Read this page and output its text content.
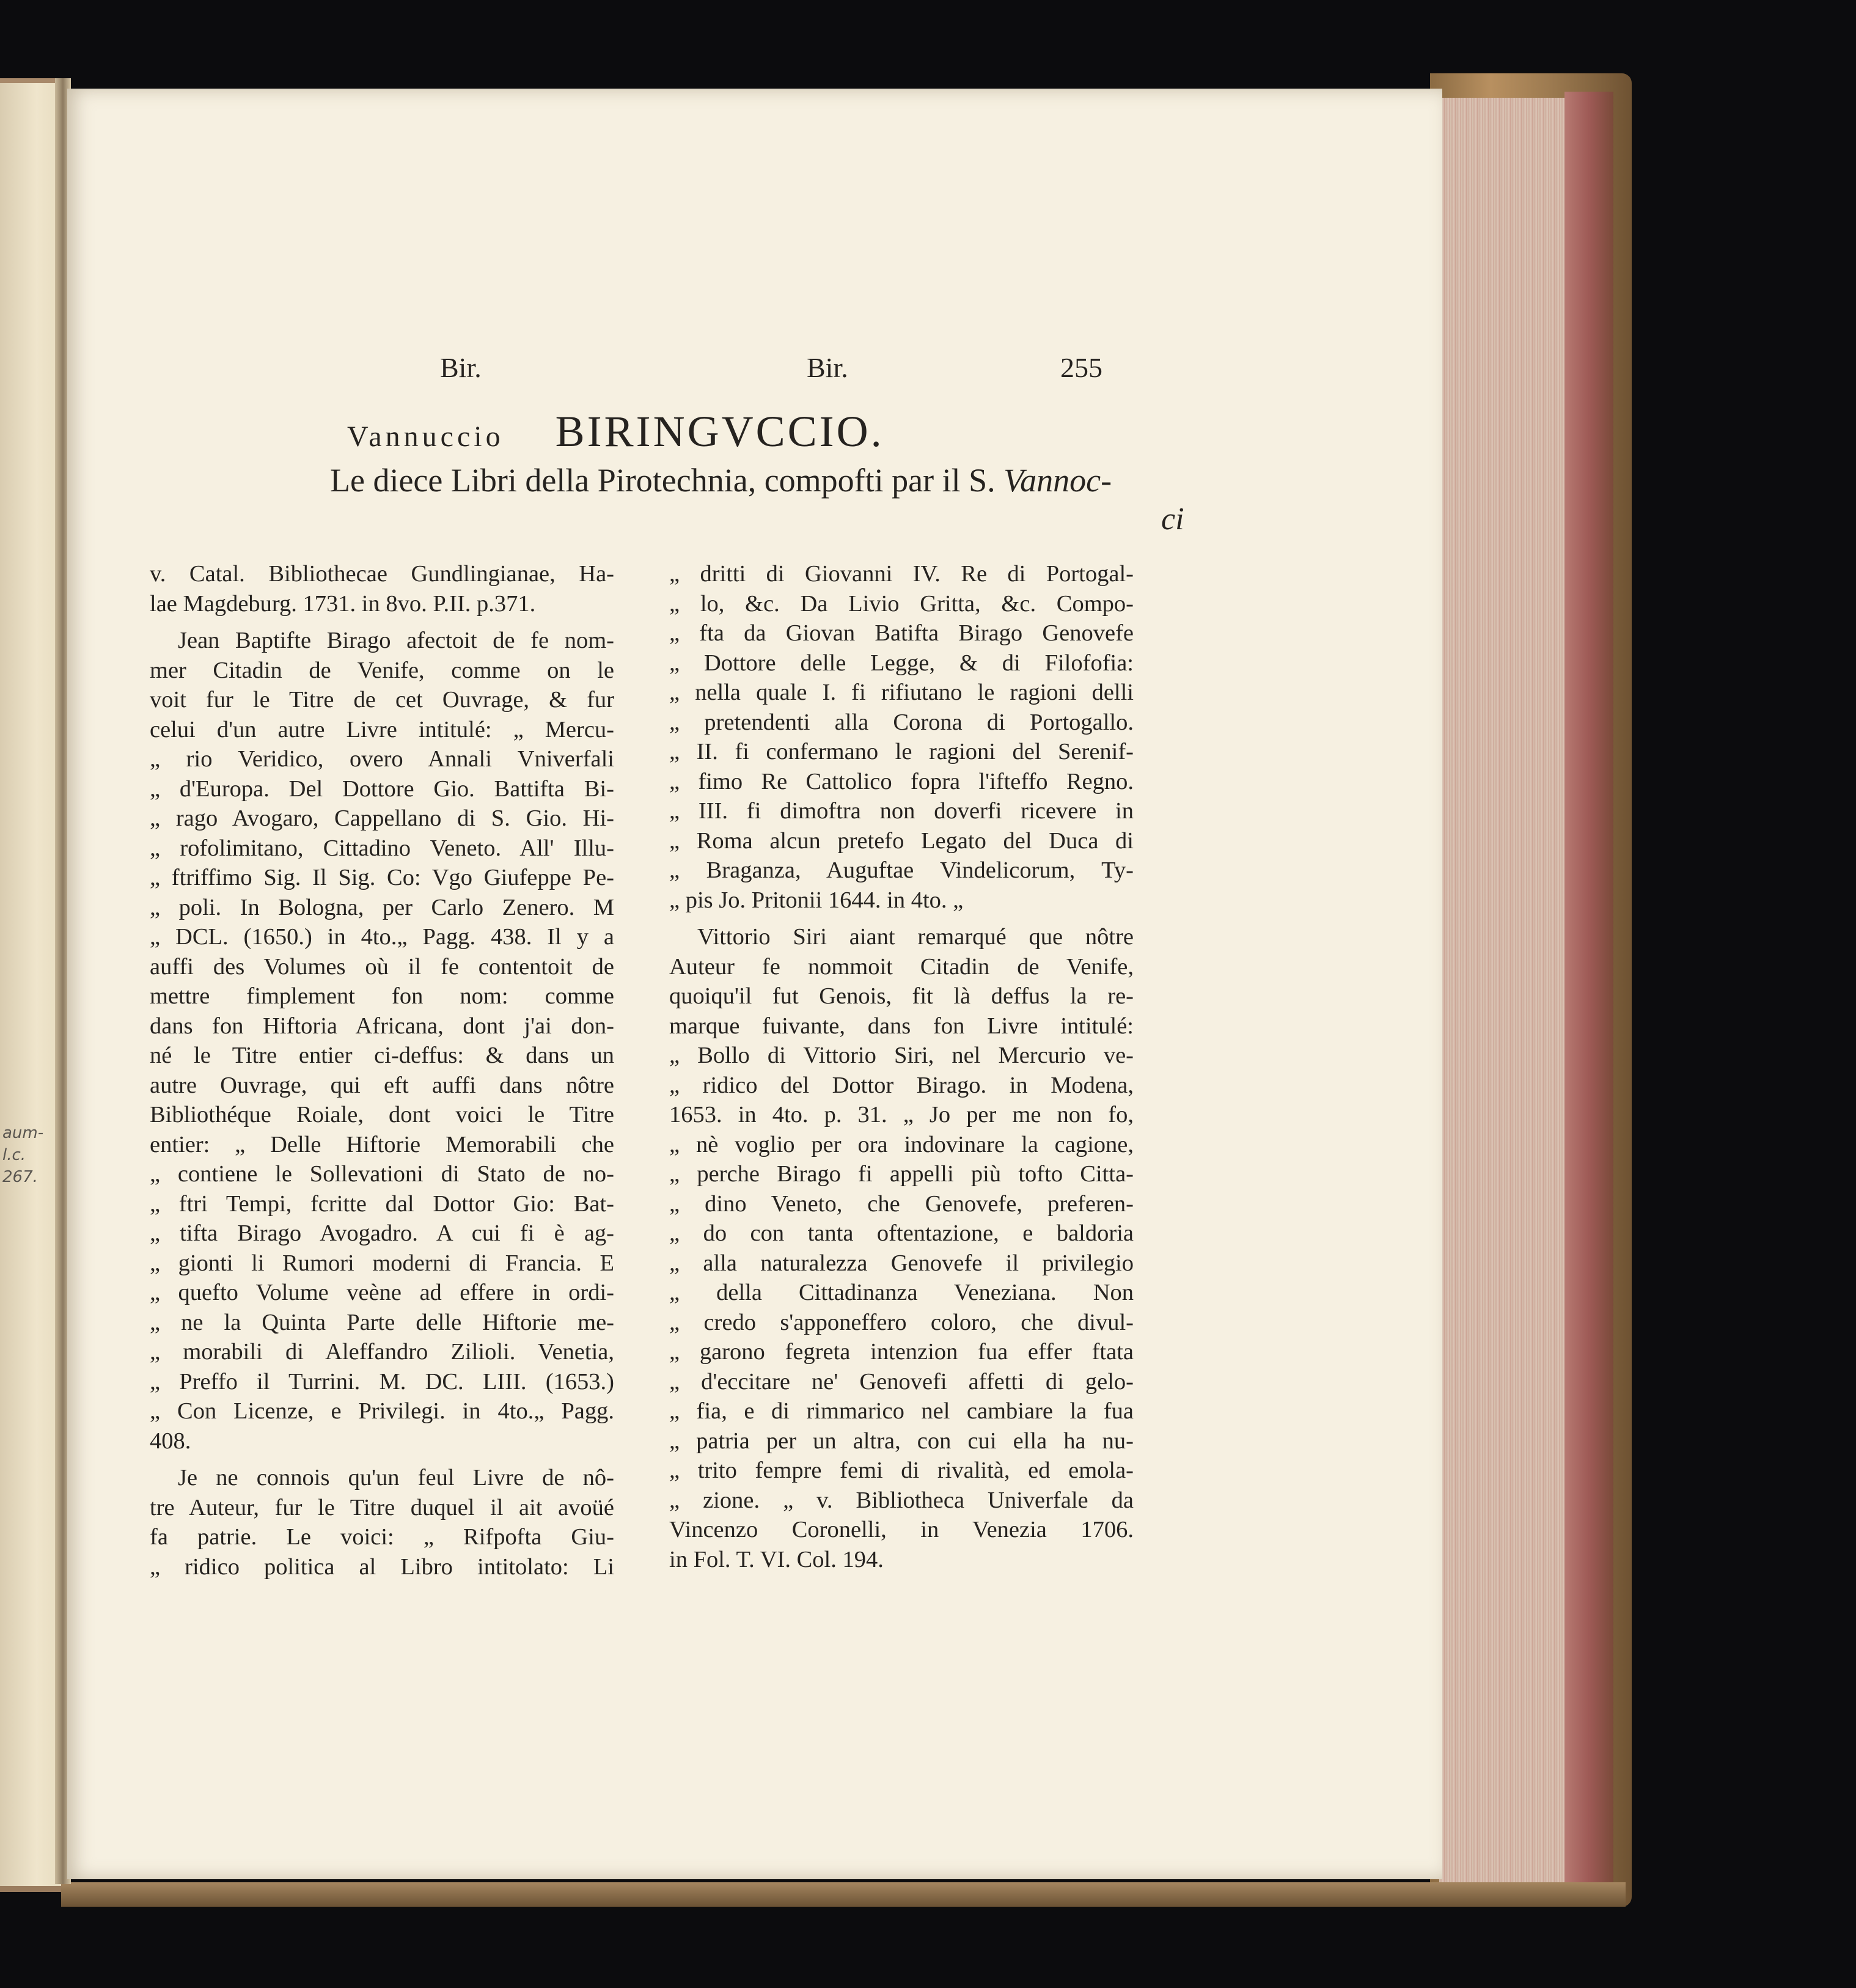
aum-
l.c.
267.
Bir.	Bir.	255
Vannuccio BIRINGVCCIO.
Le diece Libri della Pirotechnia, compofti par il S. Vannoc-
ci

v. Catal. Bibliothecae Gundlingianae, Ha-

lae Magdeburg. 1731. in 8vo. P.II. p.371.

Jean Baptifte Birago afectoit de fe nom-

mer Citadin de Venife, comme on le

voit fur le Titre de cet Ouvrage, & fur

celui d'un autre Livre intitulé: „ Mercu-

„ rio Veridico, overo Annali Vniverfali

„ d'Europa. Del Dottore Gio. Battifta Bi-

„ rago Avogaro, Cappellano di S. Gio. Hi-

„ rofolimitano, Cittadino Veneto. All' Illu-

„ ftriffimo Sig. Il Sig. Co: Vgo Giufeppe Pe-

„ poli. In Bologna, per Carlo Zenero. M

„ DCL. (1650.) in 4to.„ Pagg. 438. Il y a

auffi des Volumes où il fe contentoit de

mettre fimplement fon nom: comme

dans fon Hiftoria Africana, dont j'ai don-

né le Titre entier ci-deffus: & dans un

autre Ouvrage, qui eft auffi dans nôtre

Bibliothéque Roiale, dont voici le Titre

entier: „ Delle Hiftorie Memorabili che

„ contiene le Sollevationi di Stato de no-

„ ftri Tempi, fcritte dal Dottor Gio: Bat-

„ tifta Birago Avogadro. A cui fi è ag-

„ gionti li Rumori moderni di Francia. E

„ quefto Volume veène ad effere in ordi-

„ ne la Quinta Parte delle Hiftorie me-

„ morabili di Aleffandro Zilioli. Venetia,

„ Preffo il Turrini. M. DC. LIII. (1653.)

„ Con Licenze, e Privilegi. in 4to.„ Pagg.

408.

Je ne connois qu'un feul Livre de nô-

tre Auteur, fur le Titre duquel il ait avoüé

fa patrie. Le voici: „ Rifpofta Giu-

„ ridico politica al Libro intitolato: Li

„ dritti di Giovanni IV. Re di Portogal-

„ lo, &c. Da Livio Gritta, &c. Compo-

„ fta da Giovan Batifta Birago Genovefe

„ Dottore delle Legge, & di Filofofia:

„ nella quale I. fi rifiutano le ragioni delli

„ pretendenti alla Corona di Portogallo.

„ II. fi confermano le ragioni del Serenif-

„ fimo Re Cattolico fopra l'ifteffo Regno.

„ III. fi dimoftra non doverfi ricevere in

„ Roma alcun pretefo Legato del Duca di

„ Braganza, Auguftae Vindelicorum, Ty-

„ pis Jo. Pritonii 1644. in 4to. „

Vittorio Siri aiant remarqué que nôtre

Auteur fe nommoit Citadin de Venife,

quoiqu'il fut Genois, fit là deffus la re-

marque fuivante, dans fon Livre intitulé:

„ Bollo di Vittorio Siri, nel Mercurio ve-

„ ridico del Dottor Birago. in Modena,

1653. in 4to. p. 31. „ Jo per me non fo,

„ nè voglio per ora indovinare la cagione,

„ perche Birago fi appelli più tofto Citta-

„ dino Veneto, che Genovefe, preferen-

„ do con tanta oftentazione, e baldoria

„ alla naturalezza Genovefe il privilegio

„ della Cittadinanza Veneziana. Non

„ credo s'apponeffero coloro, che divul-

„ garono fegreta intenzion fua effer ftata

„ d'eccitare ne' Genovefi affetti di gelo-

„ fia, e di rimmarico nel cambiare la fua

„ patria per un altra, con cui ella ha nu-

„ trito fempre femi di rivalità, ed emola-

„ zione. „ v. Bibliotheca Univerfale da

Vincenzo Coronelli, in Venezia 1706.

in Fol. T. VI. Col. 194.
